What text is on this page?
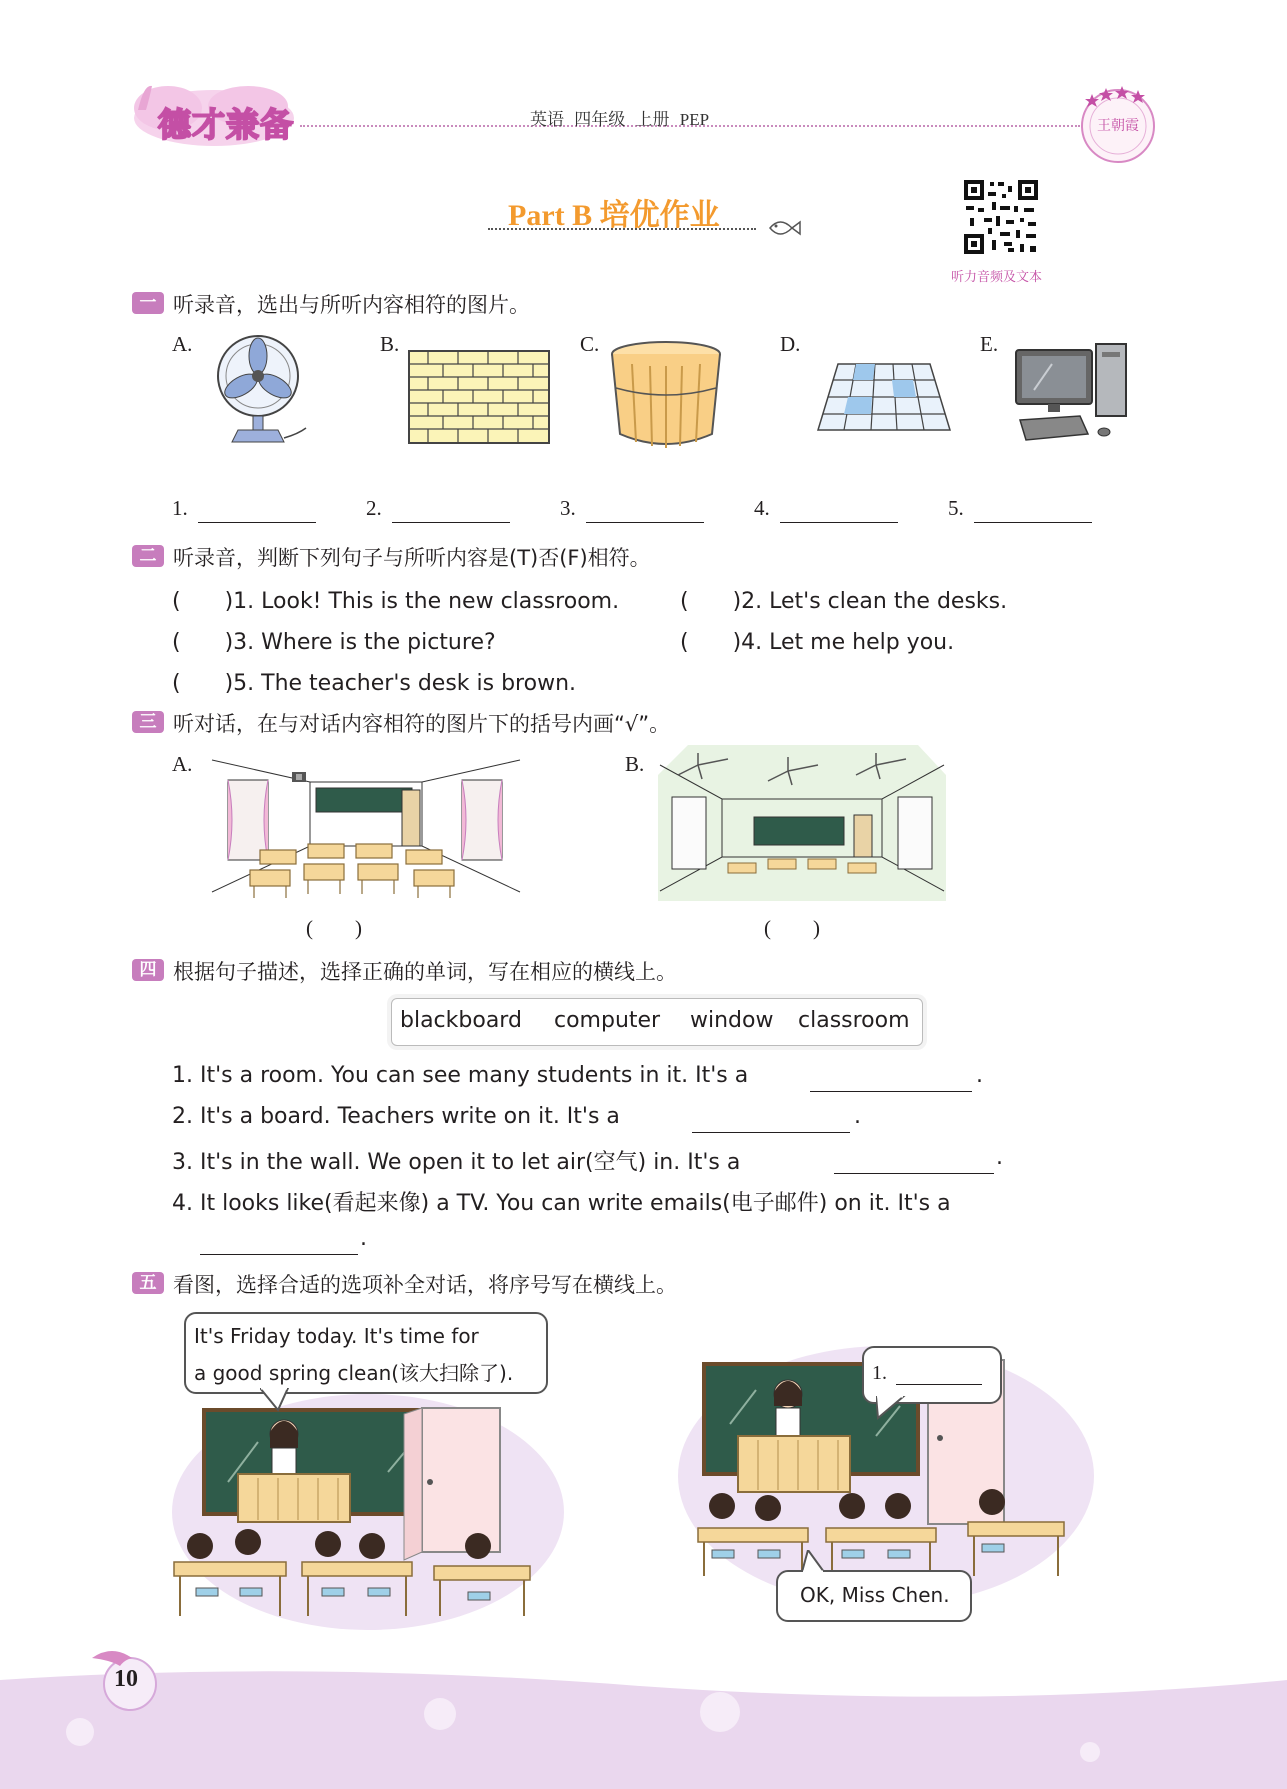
德才兼备	英语 四年级 上册 PEP	王朝霞
Part B 培优作业
听力音频及文本
一 听录音，选出与所听内容相符的图片。
A.	B.	C.	D.	E.
1.	2.	3.	4.	5.
二 听录音，判断下列句子与所听内容是(T)否(F)相符。
(　　)1. Look! This is the new classroom.	(　　)2. Let's clean the desks.
(　　)3. Where is the picture?	(　　)4. Let me help you.
(　　)5. The teacher's desk is brown.
三 听对话，在与对话内容相符的图片下的括号内画“√”。
A.
(　　)
B.
(　　)
四 根据句子描述，选择正确的单词，写在相应的横线上。
blackboard computer window classroom
1. It's a room. You can see many students in it. It's a	.
2. It's a board. Teachers write on it. It's a	.
3. It's in the wall. We open it to let air(空气) in. It's a	.
4. It looks like(看起来像) a TV. You can write emails(电子邮件) on it. It's a
.
五 看图，选择合适的选项补全对话，将序号写在横线上。
It's Friday today. It's time for
a good spring clean(该大扫除了).	1.
OK, Miss Chen.
10
